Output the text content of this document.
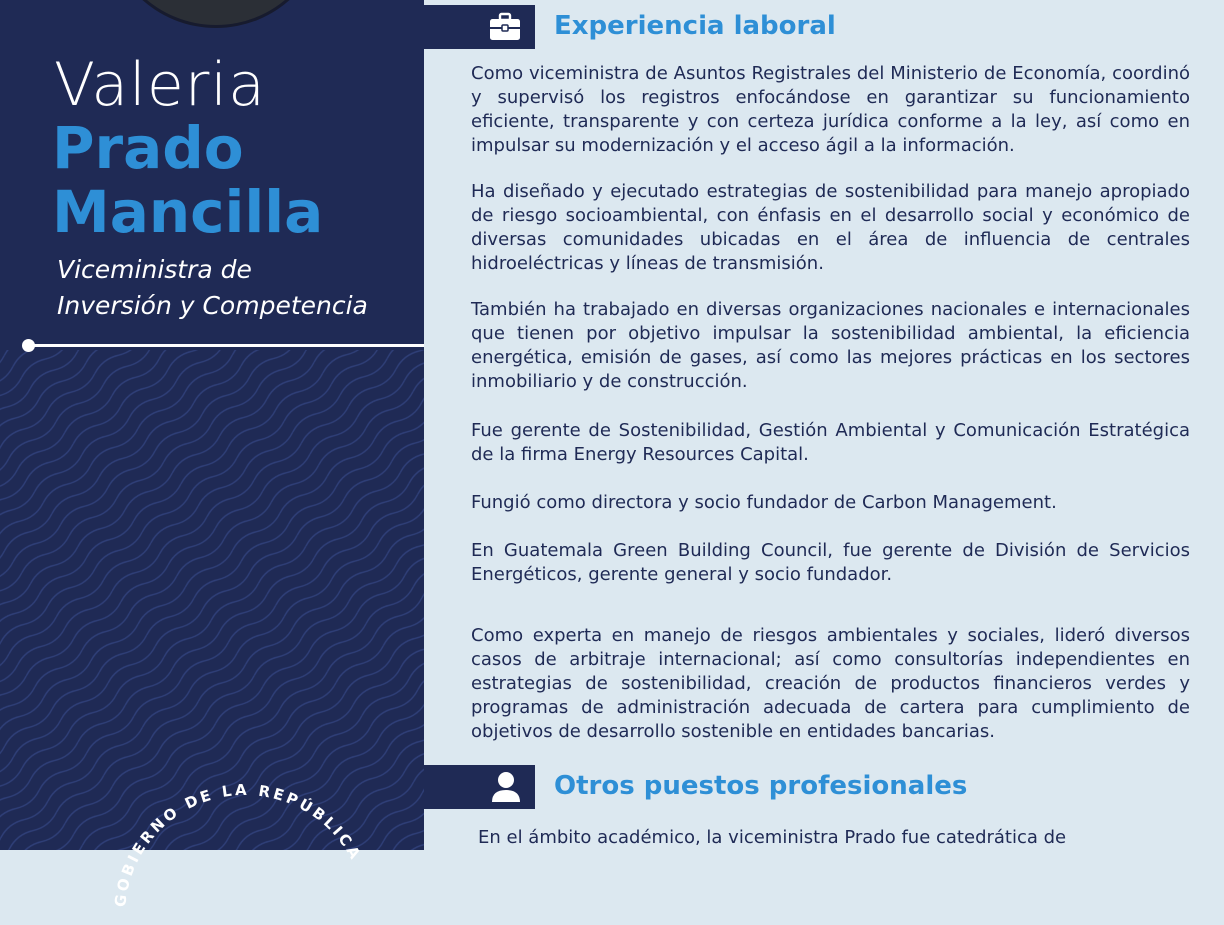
Valeria
Prado
Mancilla
Viceministra de
Inversión y Competencia
GOBIERNO DE LA REPÚBLICA
Experiencia laboral

Como viceministra de Asuntos Registrales del Ministerio de Economía, coordinó y supervisó los registros enfocándose en garantizar su funcionamiento eficiente, transparente y con certeza jurídica conforme a la ley, así como en impulsar su modernización y el acceso ágil a la información.

Ha diseñado y ejecutado estrategias de sostenibilidad para manejo apropiado de riesgo socioambiental, con énfasis en el desarrollo social y económico de diversas comunidades ubicadas en el área de influencia de centrales hidroeléctricas y líneas de transmisión.

También ha trabajado en diversas organizaciones nacionales e internacionales que tienen por objetivo impulsar la sostenibilidad ambiental, la eficiencia energética, emisión de gases, así como las mejores prácticas en los sectores inmobiliario y de construcción.

Fue gerente de Sostenibilidad, Gestión Ambiental y Comunicación Estratégica de la firma Energy Resources Capital.

Fungió como directora y socio fundador de Carbon Management.

En Guatemala Green Building Council, fue gerente de División de Servicios Energéticos, gerente general y socio fundador.

Como experta en manejo de riesgos ambientales y sociales, lideró diversos casos de arbitraje internacional; así como consultorías independientes en estrategias de sostenibilidad, creación de productos financieros verdes y programas de administración adecuada de cartera para cumplimiento de objetivos de desarrollo sostenible en entidades bancarias.

Otros puestos profesionales

En el ámbito académico, la viceministra Prado fue catedrática de
